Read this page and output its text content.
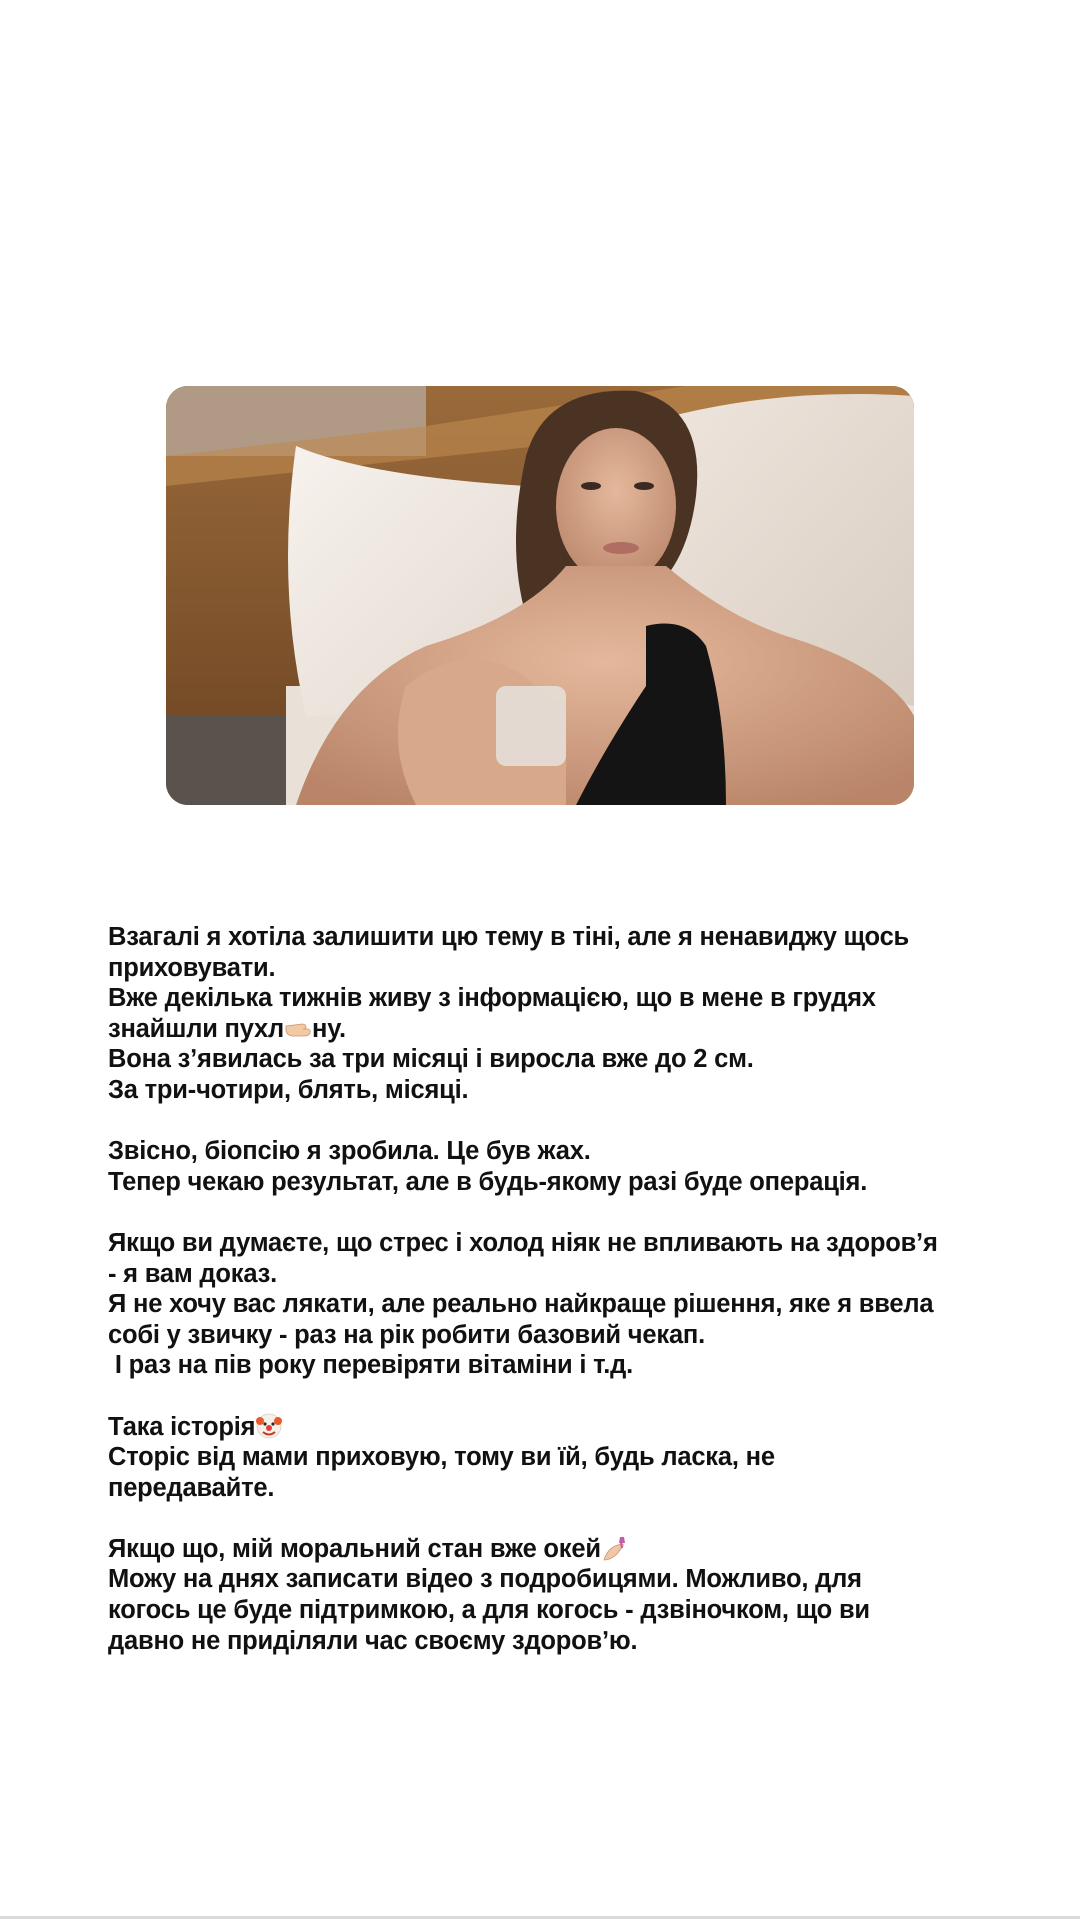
Взагалі я хотіла залишити цю тему в тіні, але я ненавиджу щось
приховувати.
Вже декілька тижнів живу з інформацією, що в мене в грудях
знайшли пухл ну.
Вона зʼявилась за три місяці і виросла вже до 2 см.
За три-чотири, блять, місяці.

Звісно, біопсію я зробила. Це був жах.
Тепер чекаю результат, але в будь-якому разі буде операція.

Якщо ви думаєте, що стрес і холод ніяк не впливають на здоровʼя
- я вам доказ.
Я не хочу вас лякати, але реально найкраще рішення, яке я ввела
собі у звичку - раз на рік робити базовий чекап.
І раз на пів року перевіряти вітаміни і т.д.

Така історія
Сторіс від мами приховую, тому ви їй, будь ласка, не
передавайте.

Якщо що, мій моральний стан вже окей
Можу на днях записати відео з подробицями. Можливо, для
когось це буде підтримкою, а для когось - дзвіночком, що ви
давно не приділяли час своєму здоровʼю.
